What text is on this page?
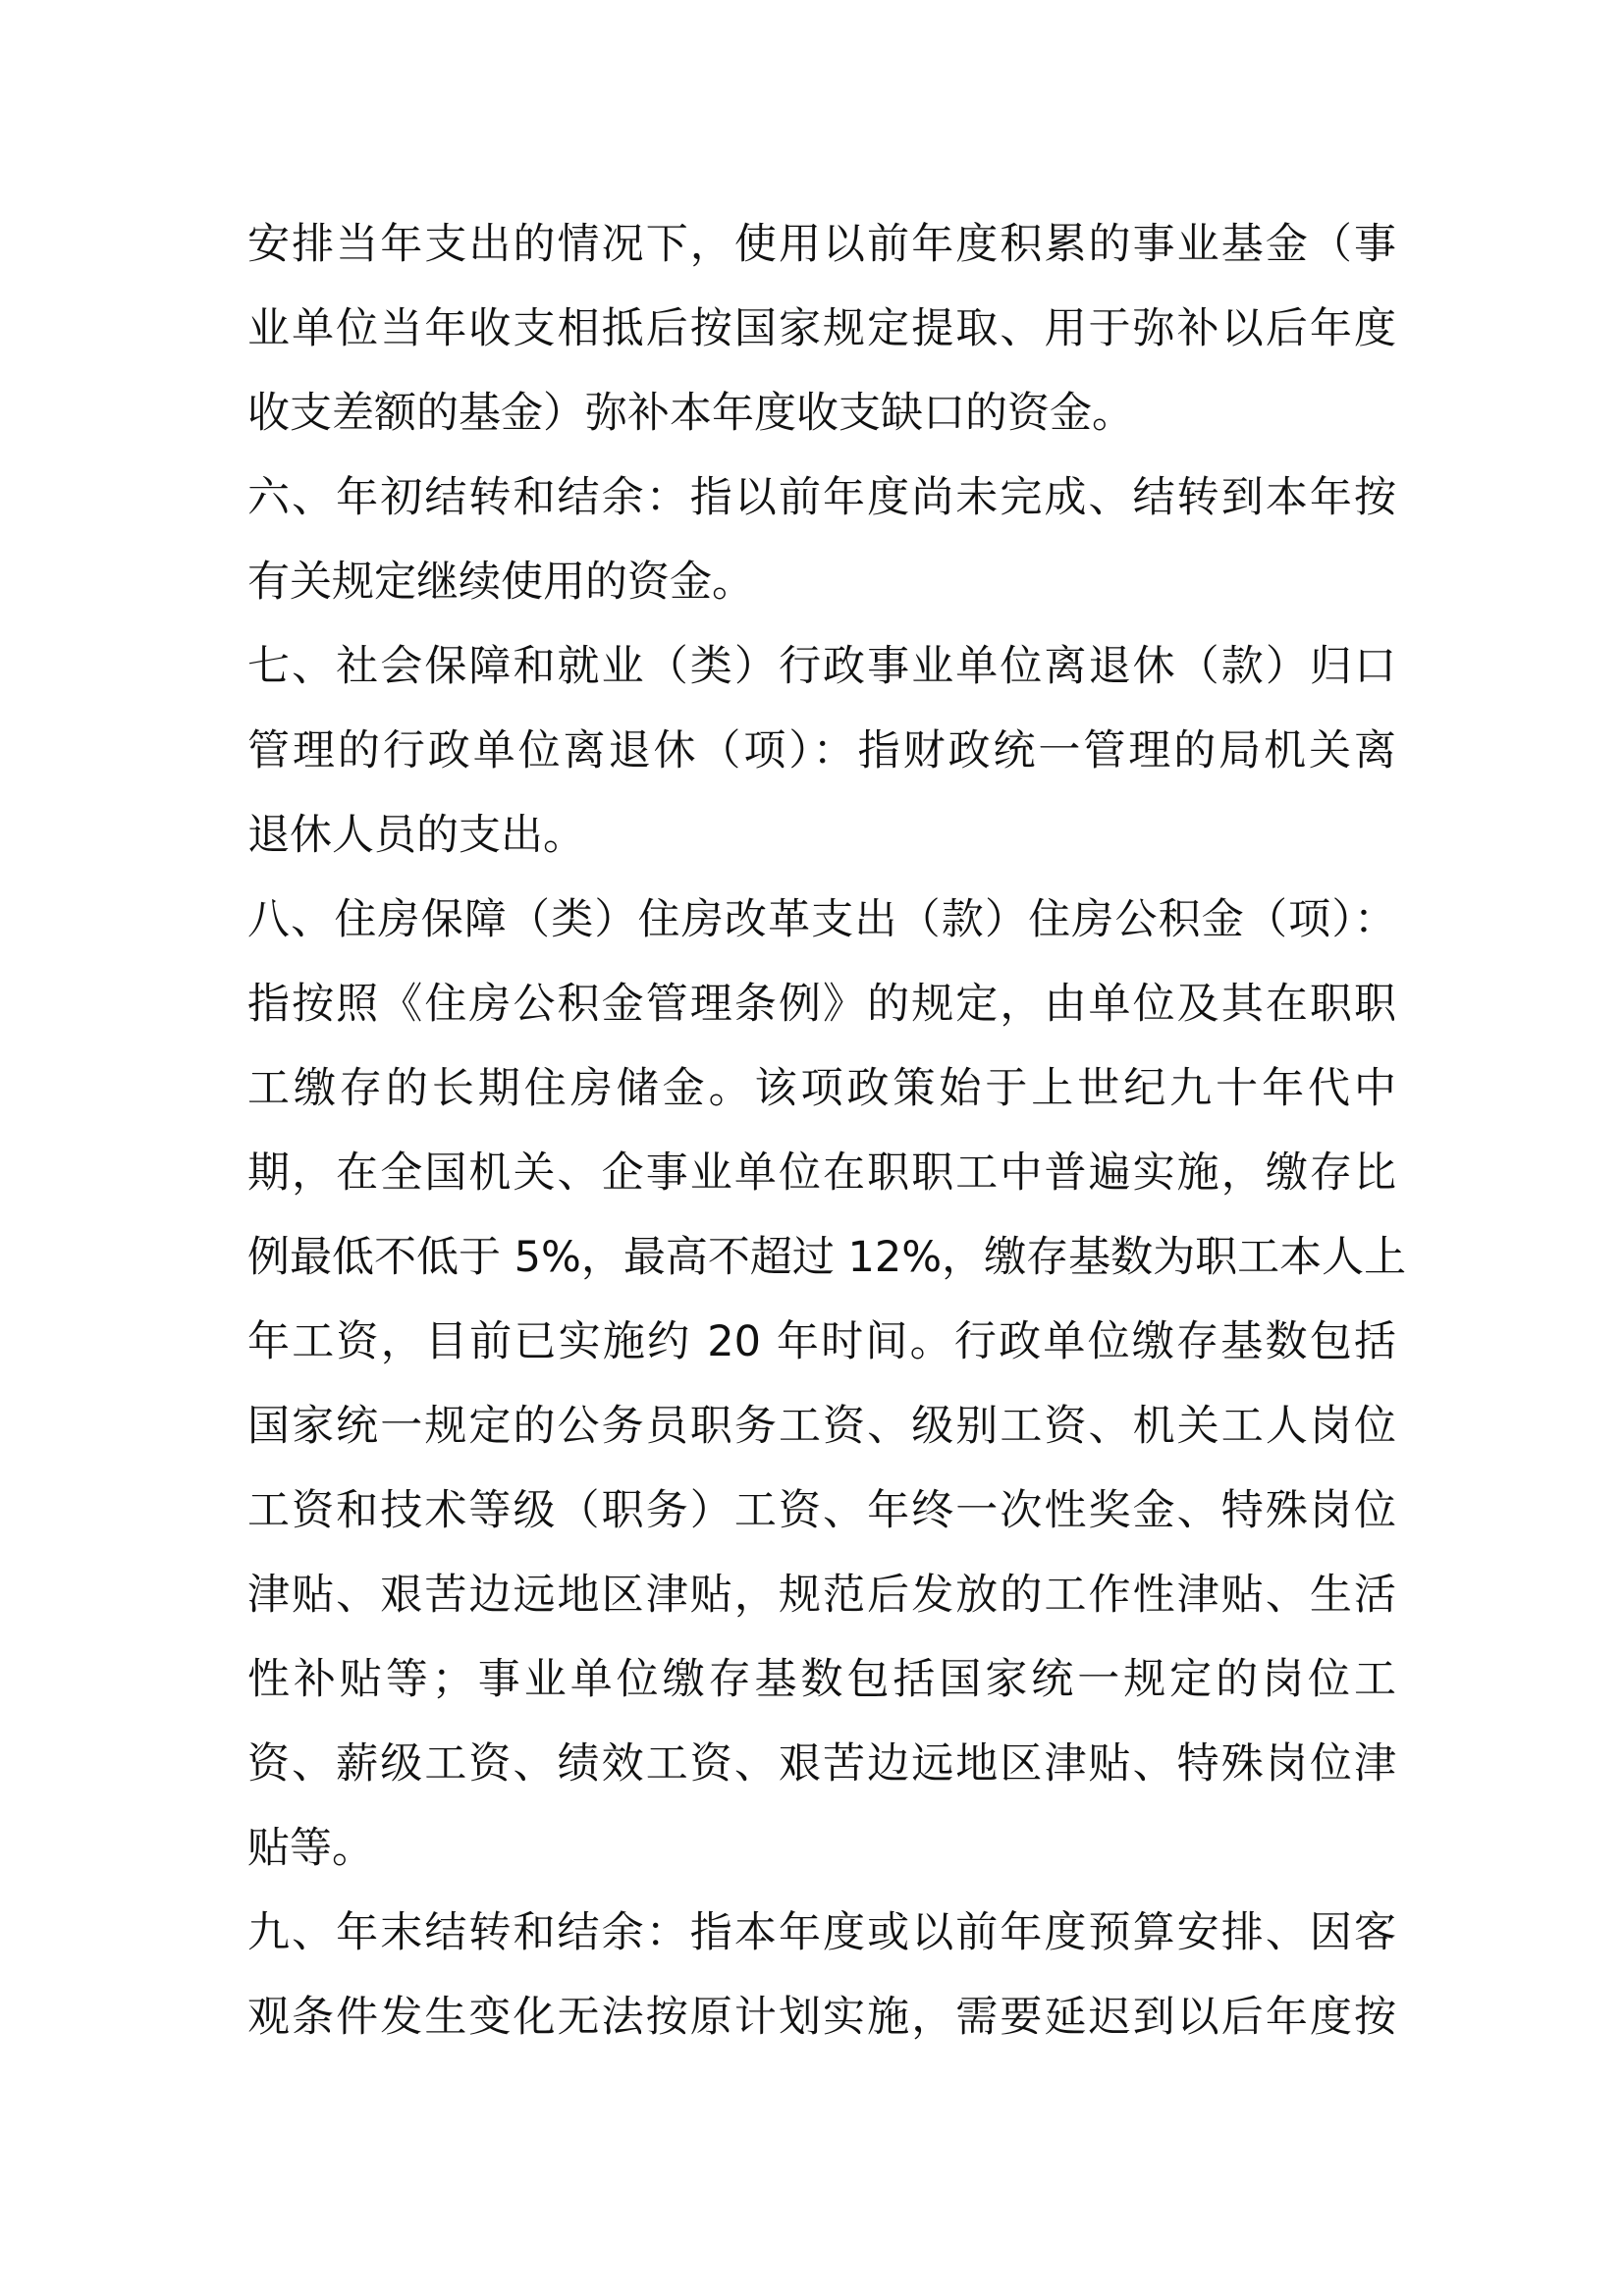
安排当年支出的情况下，使用以前年度积累的事业基金（事
业单位当年收支相抵后按国家规定提取、用于弥补以后年度
收支差额的基金）弥补本年度收支缺口的资金。
六、年初结转和结余：指以前年度尚未完成、结转到本年按
有关规定继续使用的资金。
七、社会保障和就业（类）行政事业单位离退休（款）归口
管理的行政单位离退休（项）：指财政统一管理的局机关离
退休人员的支出。
八、住房保障（类）住房改革支出（款）住房公积金（项）：
指按照《住房公积金管理条例》的规定，由单位及其在职职
工缴存的长期住房储金。该项政策始于上世纪九十年代中
期，在全国机关、企事业单位在职职工中普遍实施，缴存比
例最低不低于 5%，最高不超过 12%，缴存基数为职工本人上
年工资，目前已实施约 20 年时间。行政单位缴存基数包括
国家统一规定的公务员职务工资、级别工资、机关工人岗位
工资和技术等级（职务）工资、年终一次性奖金、特殊岗位
津贴、艰苦边远地区津贴，规范后发放的工作性津贴、生活
性补贴等；事业单位缴存基数包括国家统一规定的岗位工
资、薪级工资、绩效工资、艰苦边远地区津贴、特殊岗位津
贴等。
九、年末结转和结余：指本年度或以前年度预算安排、因客
观条件发生变化无法按原计划实施，需要延迟到以后年度按
